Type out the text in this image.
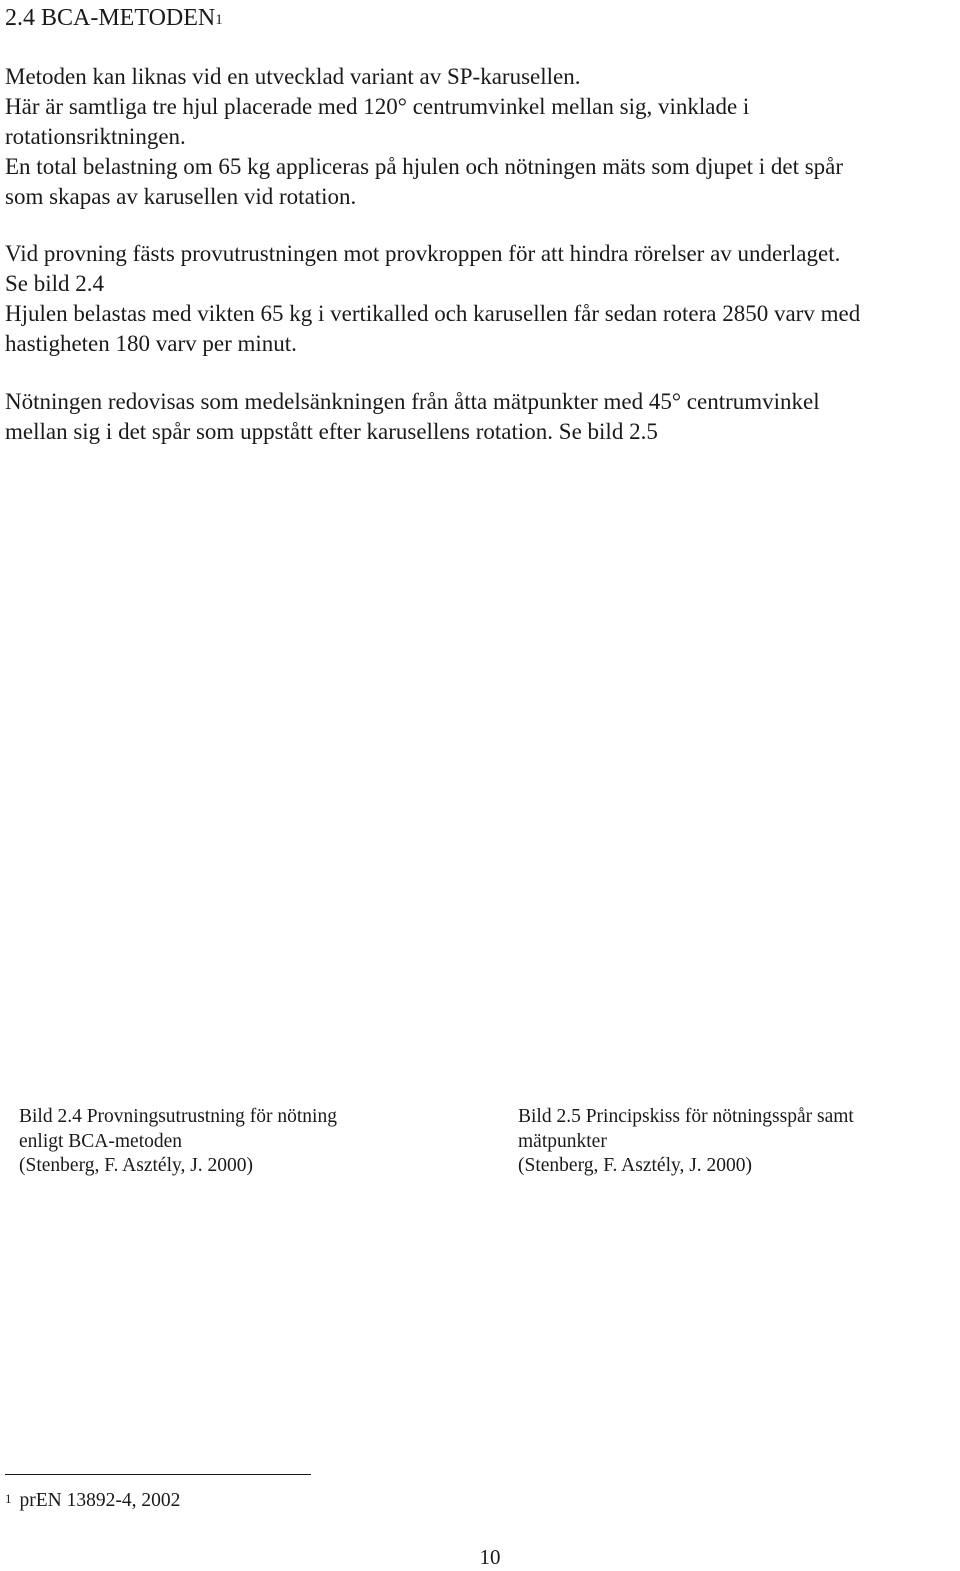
2.4 BCA-METODEN$^1$

Metoden kan liknas vid en utvecklad variant av SP-karusellen.
Här är samtliga tre hjul placerade med 120° centrumvinkel mellan sig, vinklade i
rotationsriktningen.
En total belastning om 65 kg appliceras på hjulen och nötningen mäts som djupet i det spår
som skapas av karusellen vid rotation.

Vid provning fästs provutrustningen mot provkroppen för att hindra rörelser av underlaget.
Se bild 2.4
Hjulen belastas med vikten 65 kg i vertikalled och karusellen får sedan rotera 2850 varv med
hastigheten 180 varv per minut.

Nötningen redovisas som medelsänkningen från åtta mätpunkter med 45° centrumvinkel
mellan sig i det spår som uppstått efter karusellens rotation. Se bild 2.5

Bild 2.4 Provningsutrustning för nötning
enligt BCA-metoden
(Stenberg, F. Asztély, J. 2000)

Bild 2.5 Principskiss för nötningsspår samt
mätpunkter
(Stenberg, F. Asztély, J. 2000)

$^1$ prEN 13892-4, 2002

10
